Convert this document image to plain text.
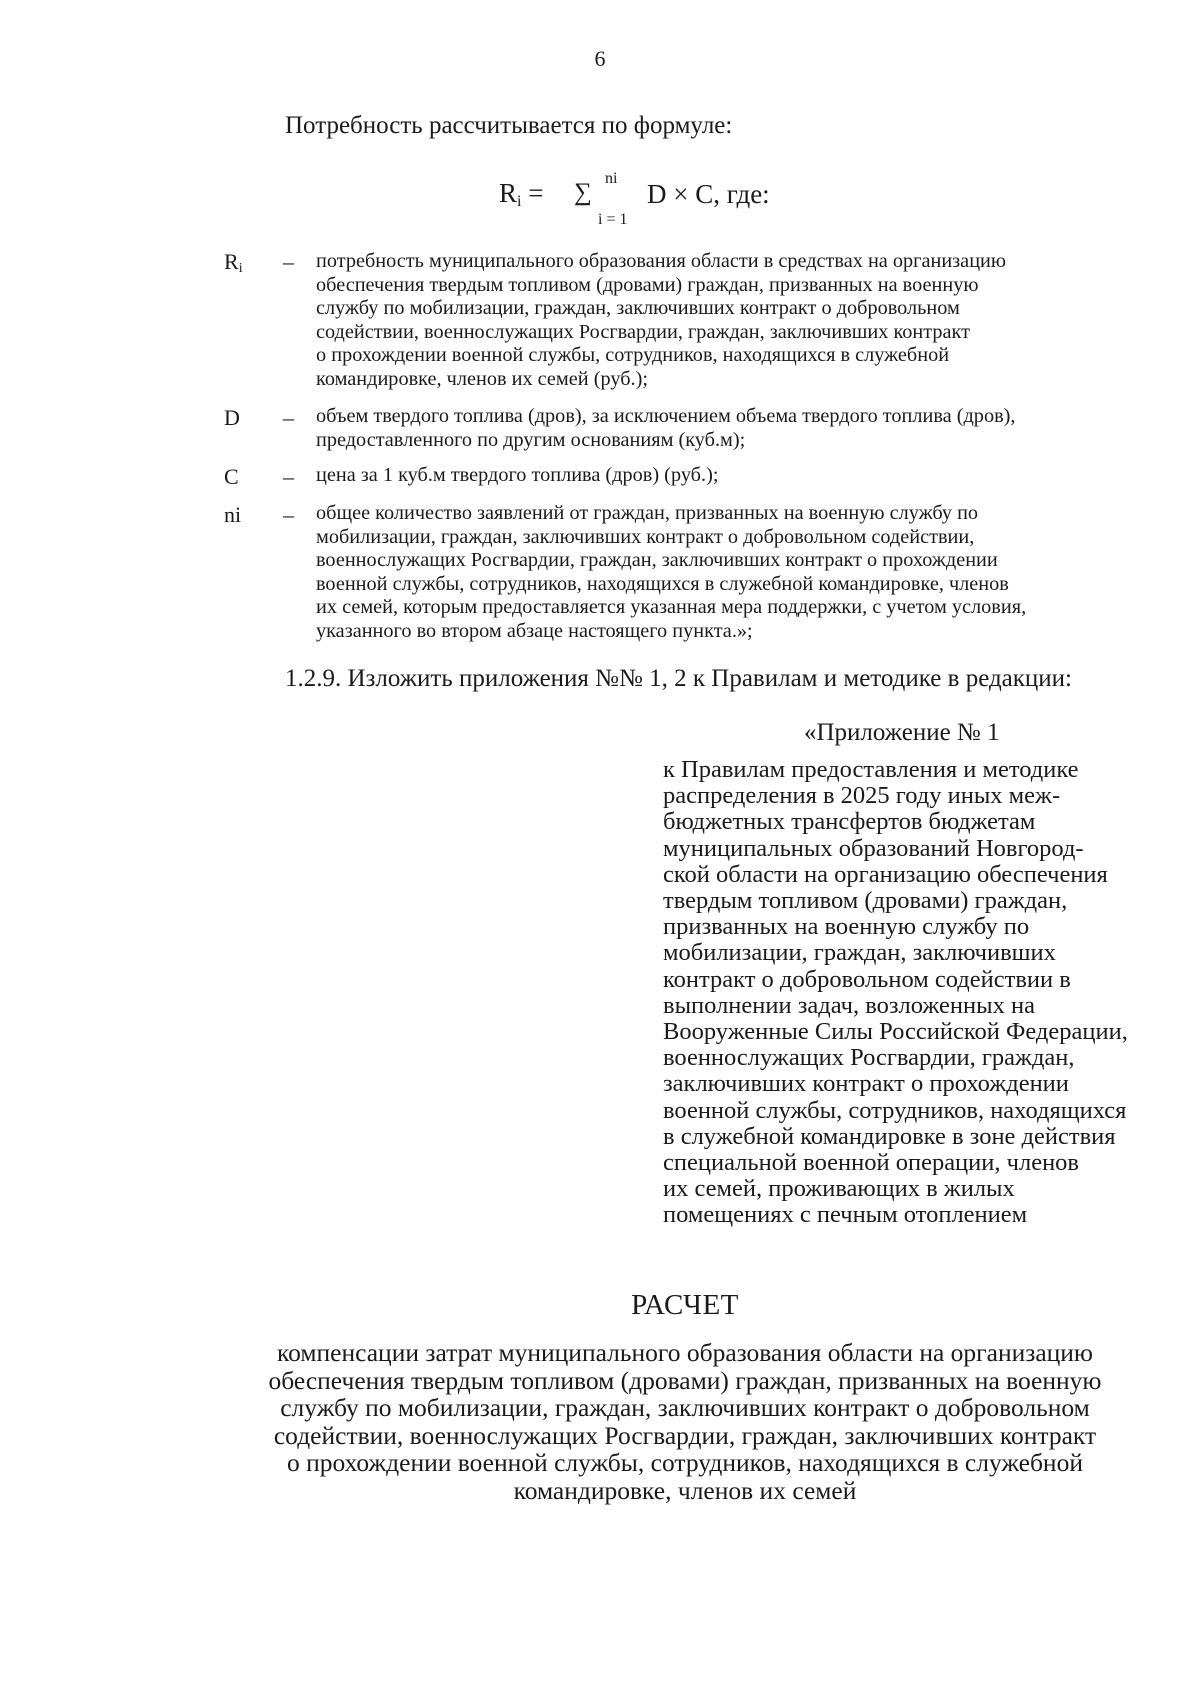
6
Потребность рассчитывается по формуле:
$R_i$ = ∑
ni
i = 1
D × C, где:
$R_i$ – потребность муниципального образования области в средствах на организацию
обеспечения твердым топливом (дровами) граждан, призванных на военную
службу по мобилизации, граждан, заключивших контракт о добровольном
содействии, военнослужащих Росгвардии, граждан, заключивших контракт
о прохождении военной службы, сотрудников, находящихся в служебной
командировке, членов их семей (руб.);
D – объем твердого топлива (дров), за исключением объема твердого топлива (дров),
предоставленного по другим основаниям (куб.м);
C – цена за 1 куб.м твердого топлива (дров) (руб.);
ni – общее количество заявлений от граждан, призванных на военную службу по
мобилизации, граждан, заключивших контракт о добровольном содействии,
военнослужащих Росгвардии, граждан, заключивших контракт о прохождении
военной службы, сотрудников, находящихся в служебной командировке, членов
их семей, которым предоставляется указанная мера поддержки, с учетом условия,
указанного во втором абзаце настоящего пункта.»;
1.2.9. Изложить приложения №№ 1, 2 к Правилам и методике в редакции:
«Приложение № 1
к Правилам предоставления и методике
распределения в 2025 году иных меж-
бюджетных трансфертов бюджетам
муниципальных образований Новгород-
ской области на организацию обеспечения
твердым топливом (дровами) граждан,
призванных на военную службу по
мобилизации, граждан, заключивших
контракт о добровольном содействии в
выполнении задач, возложенных на
Вооруженные Силы Российской Федерации,
военнослужащих Росгвардии, граждан,
заключивших контракт о прохождении
военной службы, сотрудников, находящихся
в служебной командировке в зоне действия
специальной военной операции, членов
их семей, проживающих в жилых
помещениях с печным отоплением
РАСЧЕТ
компенсации затрат муниципального образования области на организацию
обеспечения твердым топливом (дровами) граждан, призванных на военную
службу по мобилизации, граждан, заключивших контракт о добровольном
содействии, военнослужащих Росгвардии, граждан, заключивших контракт
о прохождении военной службы, сотрудников, находящихся в служебной
командировке, членов их семей
